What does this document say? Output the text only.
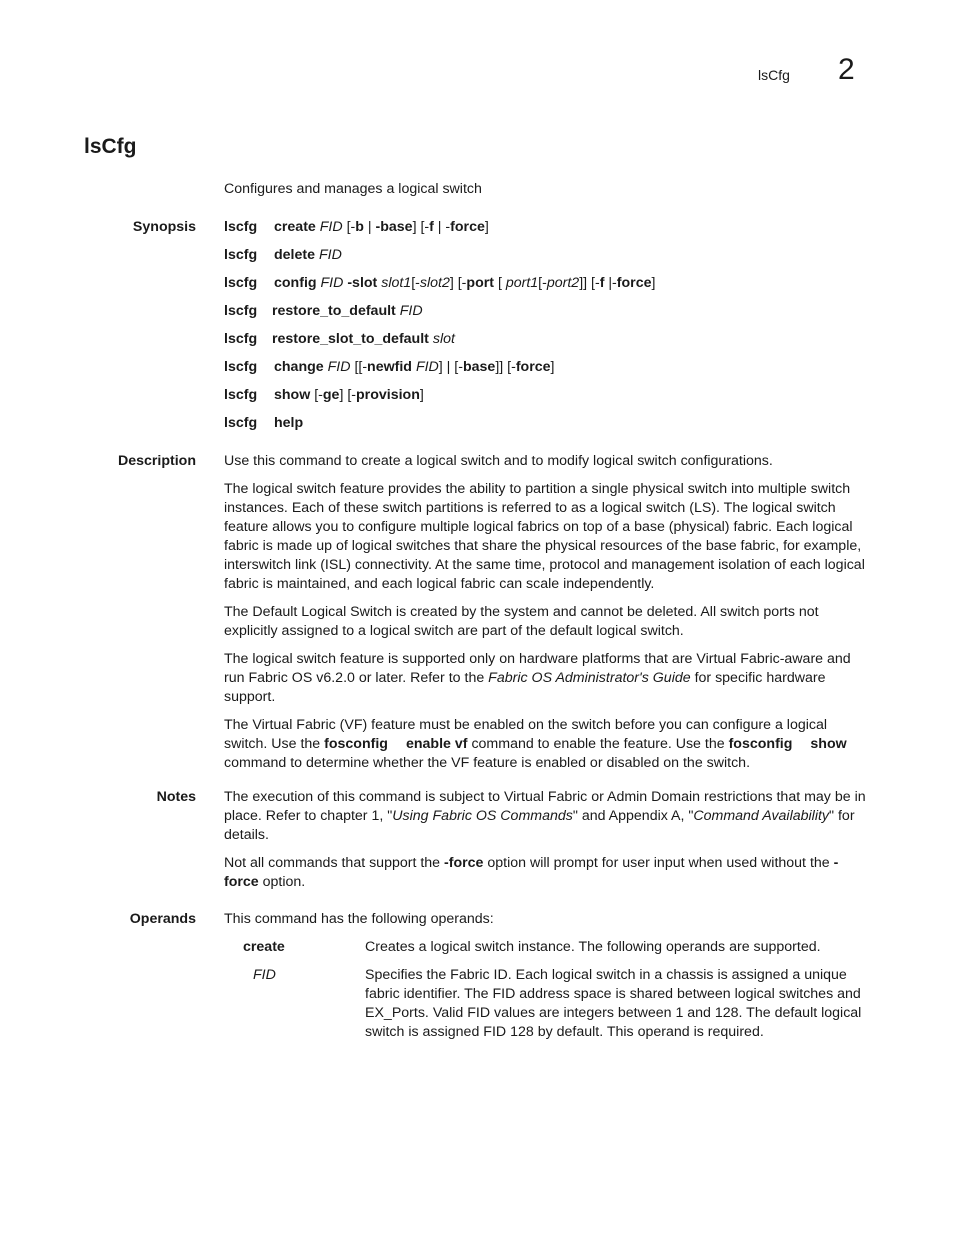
lsCfg 2
lsCfg
Configures and manages a logical switch
Synopsis lscfg create FID [-b | -base] [-f | -force]
lscfg delete FID
lscfg config FID -slot slot1[-slot2] [-port [ port1[-port2]] [-f |-force]
lscfg restore_to_default FID
lscfg restore_slot_to_default slot
lscfg change FID [[-newfid FID] | [-base]] [-force]
lscfg show [-ge] [-provision]
lscfg help
Description Use this command to create a logical switch and to modify logical switch configurations.

The logical switch feature provides the ability to partition a single physical switch into multiple switch instances. Each of these switch partitions is referred to as a logical switch (LS). The logical switch feature allows you to configure multiple logical fabrics on top of a base (physical) fabric. Each logical fabric is made up of logical switches that share the physical resources of the base fabric, for example, interswitch link (ISL) connectivity. At the same time, protocol and management isolation of each logical fabric is maintained, and each logical fabric can scale independently.

The Default Logical Switch is created by the system and cannot be deleted. All switch ports not explicitly assigned to a logical switch are part of the default logical switch.

The logical switch feature is supported only on hardware platforms that are Virtual Fabric-aware and run Fabric OS v6.2.0 or later. Refer to the Fabric OS Administrator's Guide for specific hardware support.

The Virtual Fabric (VF) feature must be enabled on the switch before you can configure a logical switch. Use the fosconfig enable vf command to enable the feature. Use the fosconfig show command to determine whether the VF feature is enabled or disabled on the switch.

Notes The execution of this command is subject to Virtual Fabric or Admin Domain restrictions that may be in place. Refer to chapter 1, "Using Fabric OS Commands" and Appendix A, "Command Availability" for details.

Not all commands that support the -force option will prompt for user input when used without the -force option.

Operands This command has the following operands:
create	Creates a logical switch instance. The following operands are supported.
FID	Specifies the Fabric ID. Each logical switch in a chassis is assigned a unique fabric identifier. The FID address space is shared between logical switches and EX_Ports. Valid FID values are integers between 1 and 128. The default logical switch is assigned FID 128 by default. This operand is required.
